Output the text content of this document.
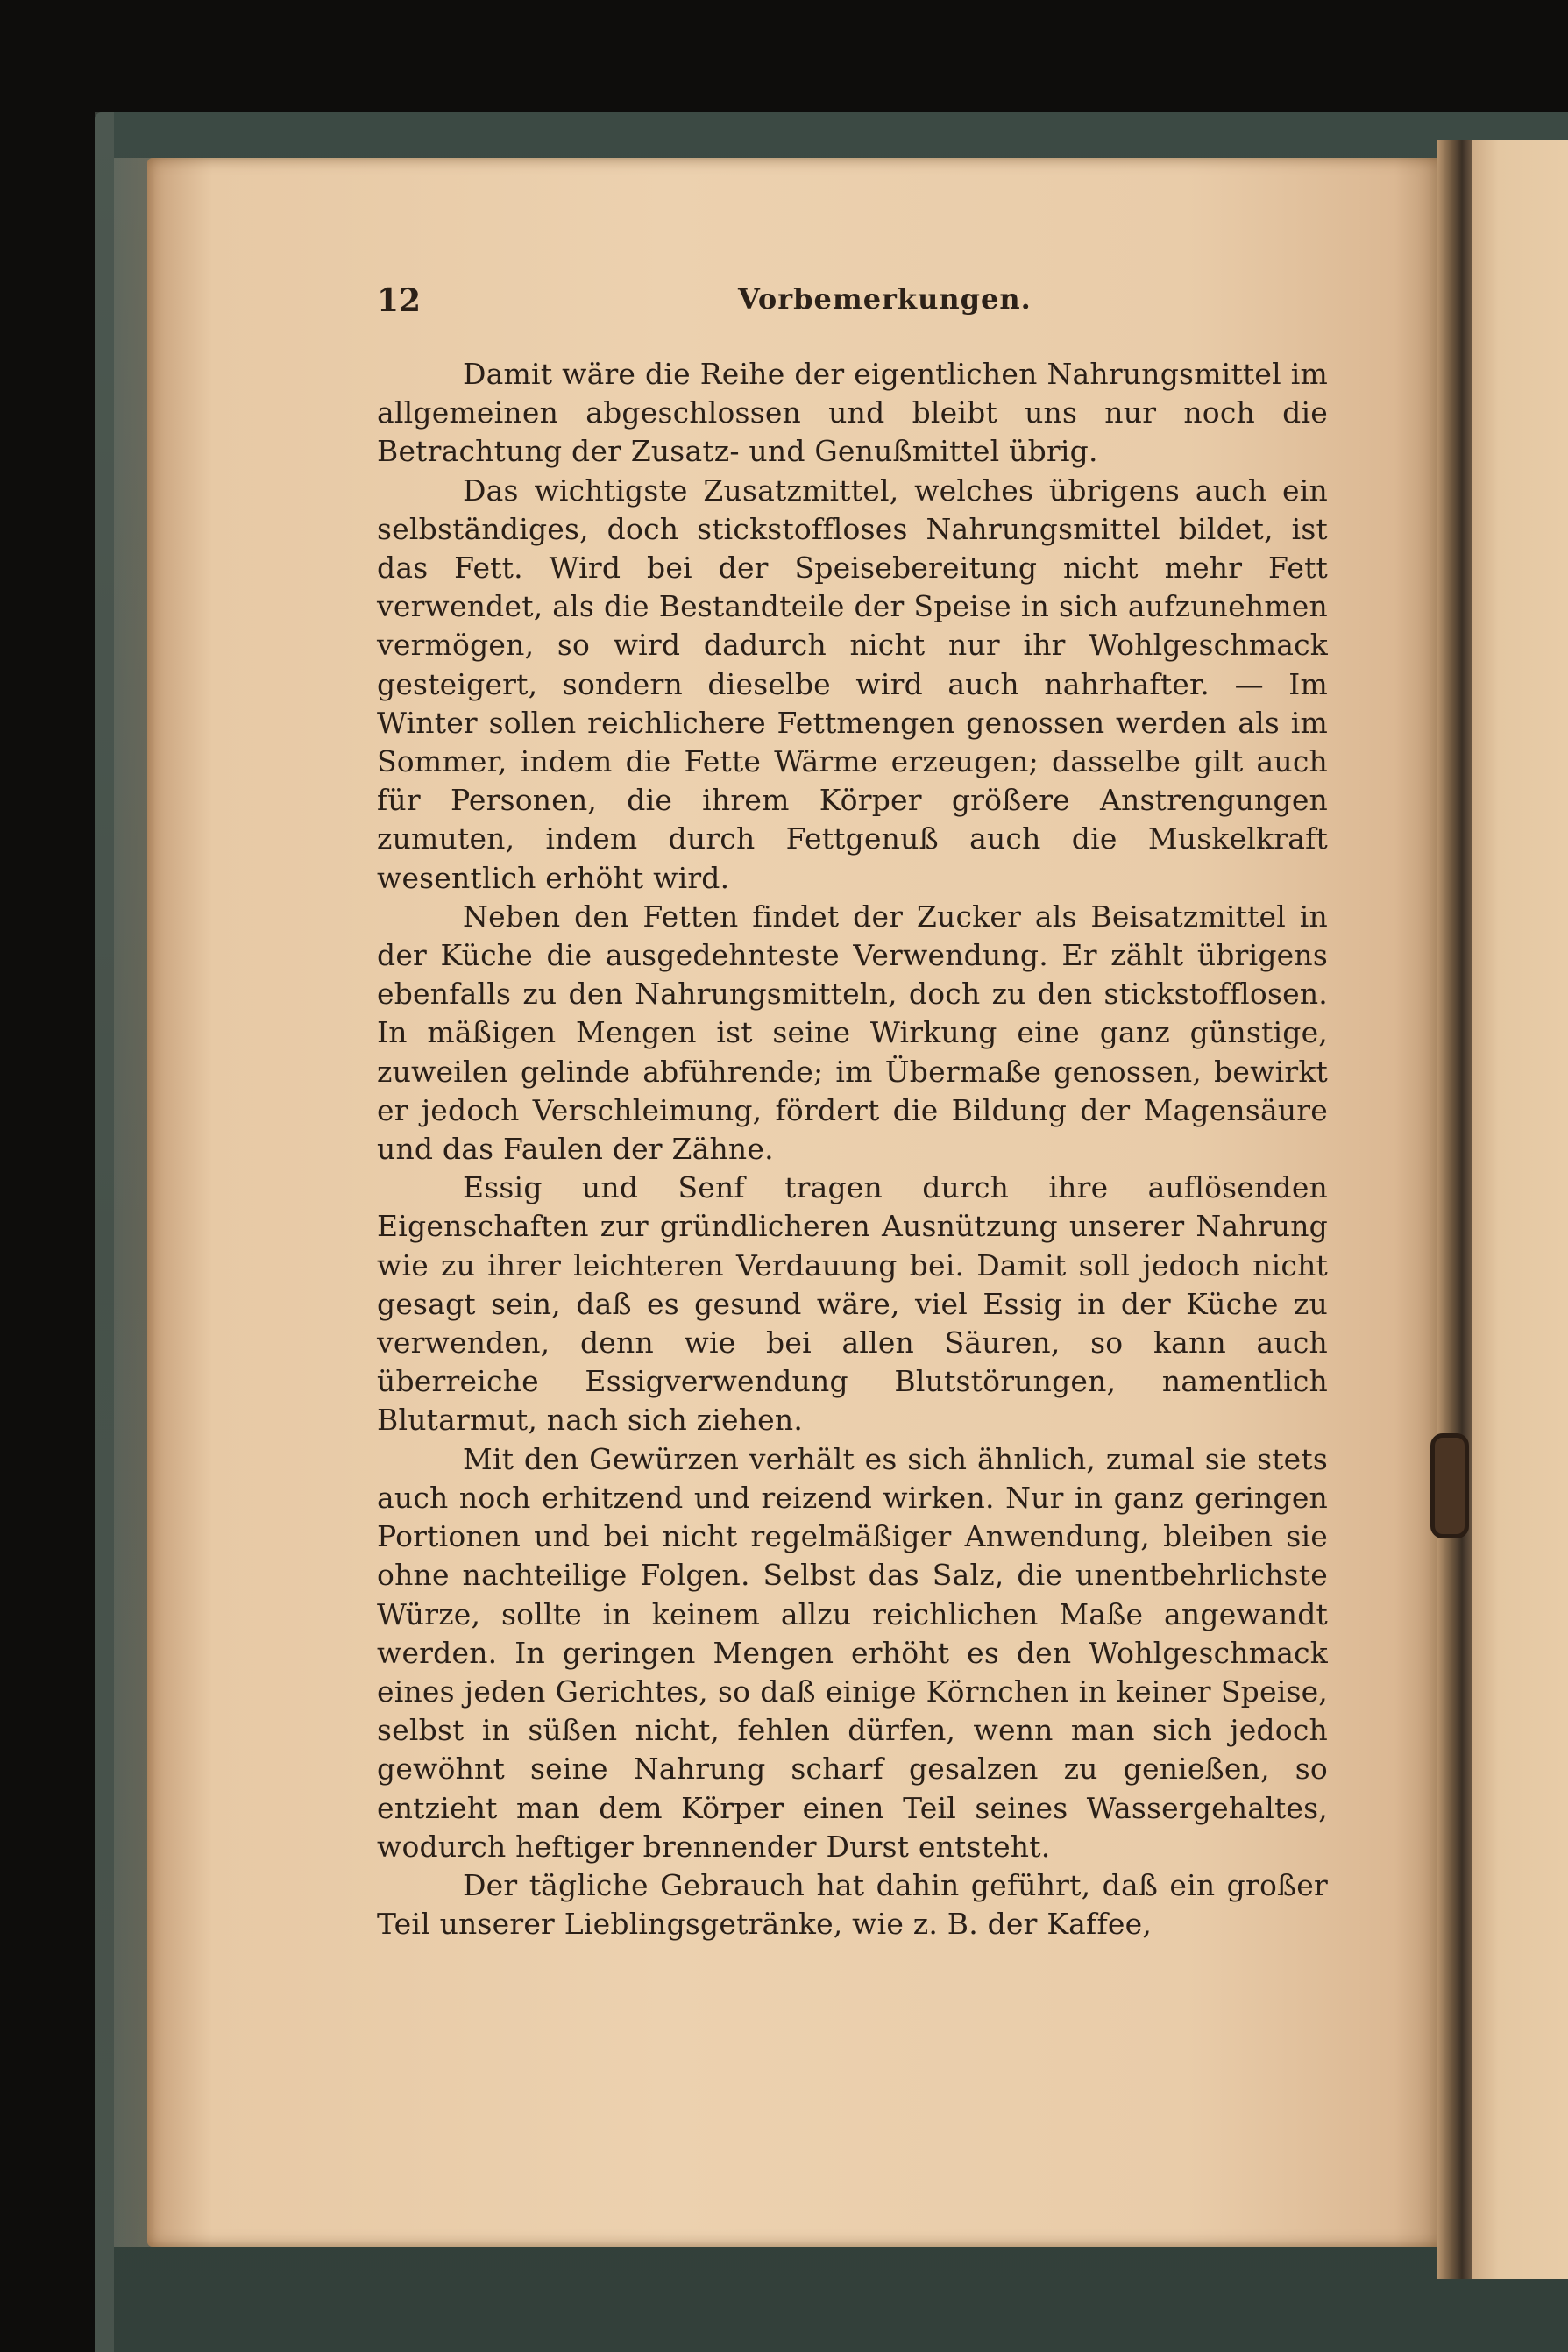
12	Vorbemerkungen.

Damit wäre die Reihe der eigentlichen Nahrungsmittel im allgemeinen abgeschlossen und bleibt uns nur noch die Betrachtung der Zusatz- und Genußmittel übrig.

Das wichtigste Zusatzmittel, welches übrigens auch ein selbständiges, doch stickstoffloses Nahrungsmittel bildet, ist das Fett. Wird bei der Speisebereitung nicht mehr Fett verwendet, als die Bestandteile der Speise in sich aufzunehmen vermögen, so wird dadurch nicht nur ihr Wohlgeschmack gesteigert, sondern dieselbe wird auch nahrhafter. — Im Winter sollen reichlichere Fettmengen genossen werden als im Sommer, indem die Fette Wärme erzeugen; dasselbe gilt auch für Personen, die ihrem Körper größere Anstrengungen zumuten, indem durch Fettgenuß auch die Muskelkraft wesentlich erhöht wird.

Neben den Fetten findet der Zucker als Beisatzmittel in der Küche die ausgedehnteste Verwendung. Er zählt übrigens ebenfalls zu den Nahrungsmitteln, doch zu den stickstofflosen. In mäßigen Mengen ist seine Wirkung eine ganz günstige, zuweilen gelinde abführende; im Übermaße genossen, bewirkt er jedoch Verschleimung, fördert die Bildung der Magensäure und das Faulen der Zähne.

Essig und Senf tragen durch ihre auflösenden Eigenschaften zur gründlicheren Ausnützung unserer Nahrung wie zu ihrer leichteren Verdauung bei. Damit soll jedoch nicht gesagt sein, daß es gesund wäre, viel Essig in der Küche zu verwenden, denn wie bei allen Säuren, so kann auch überreiche Essigverwendung Blutstörungen, namentlich Blutarmut, nach sich ziehen.

Mit den Gewürzen verhält es sich ähnlich, zumal sie stets auch noch erhitzend und reizend wirken. Nur in ganz geringen Portionen und bei nicht regelmäßiger Anwendung, bleiben sie ohne nachteilige Folgen. Selbst das Salz, die unentbehrlichste Würze, sollte in keinem allzu reichlichen Maße angewandt werden. In geringen Mengen erhöht es den Wohlgeschmack eines jeden Gerichtes, so daß einige Körnchen in keiner Speise, selbst in süßen nicht, fehlen dürfen, wenn man sich jedoch gewöhnt seine Nahrung scharf gesalzen zu genießen, so entzieht man dem Körper einen Teil seines Wassergehaltes, wodurch heftiger brennender Durst entsteht.

Der tägliche Gebrauch hat dahin geführt, daß ein großer Teil unserer Lieblingsgetränke, wie z. B. der Kaffee,
